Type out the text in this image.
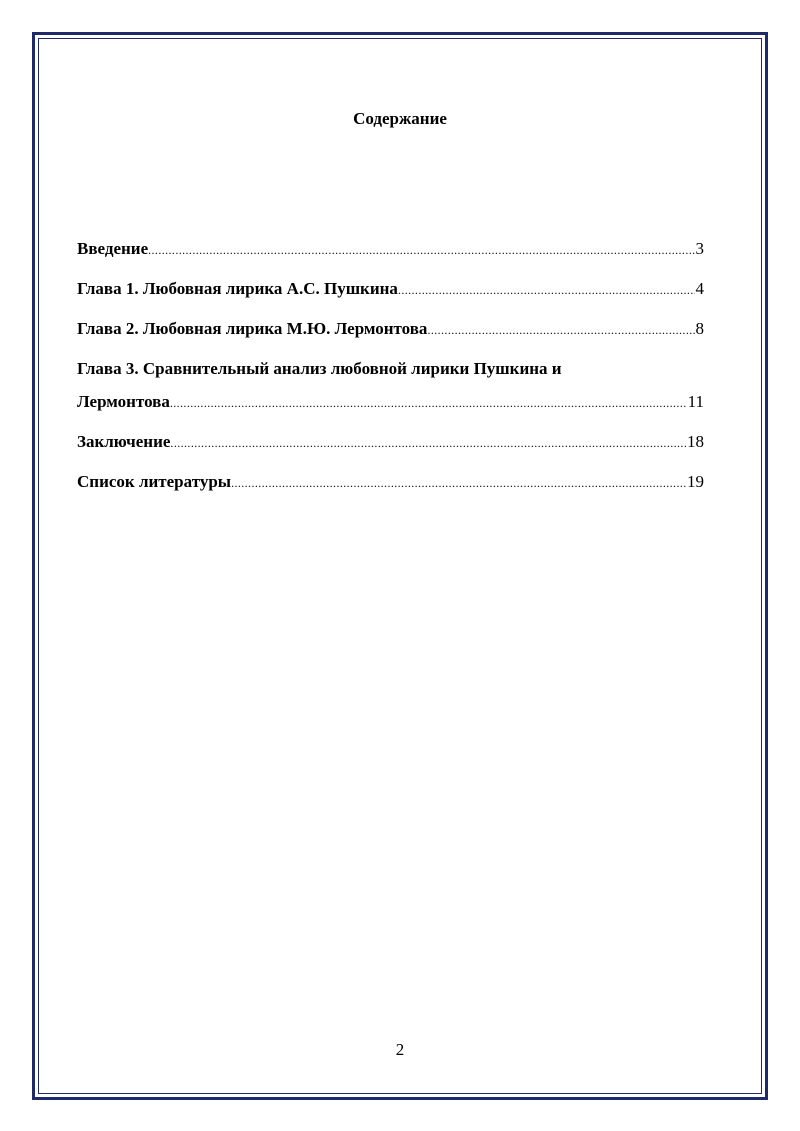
Содержание
Введение .....	3
Глава 1. Любовная лирика А.С. Пушкина .....	4
Глава 2. Любовная лирика М.Ю. Лермонтова .....	8
Глава 3. Сравнительный анализ любовной лирики Пушкина и
Лермонтова .....	11
Заключение .....	18
Список литературы .....	19
2
